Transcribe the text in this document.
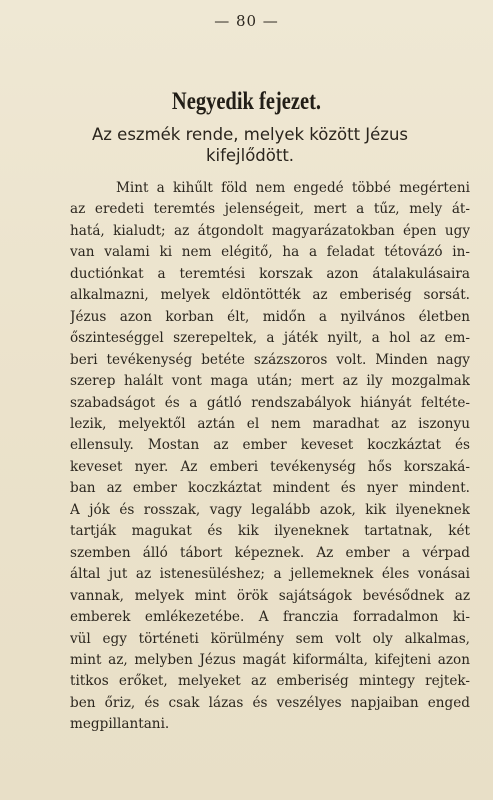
— 80 —
Negyedik fejezet.
Az eszmék rende, melyek között Jézus kifejlődött.
Mint a kihűlt föld nem engedé többé megérteni
az eredeti teremtés jelenségeit, mert a tűz, mely át-
hatá, kialudt; az átgondolt magyarázatokban épen ugy
van valami ki nem elégitő, ha a feladat tétovázó in-
ductiónkat a teremtési korszak azon átalakulásaira
alkalmazni, melyek eldöntötték az emberiség sorsát.
Jézus azon korban élt, midőn a nyilvános életben
őszinteséggel szerepeltek, a játék nyilt, a hol az em-
beri tevékenység betéte százszoros volt. Minden nagy
szerep halált vont maga után; mert az ily mozgalmak
szabadságot és a gátló rendszabályok hiányát feltéte-
lezik, melyektől aztán el nem maradhat az iszonyu
ellensuly. Mostan az ember keveset koczkáztat és
keveset nyer. Az emberi tevékenység hős korszaká-
ban az ember koczkáztat mindent és nyer mindent.
A jók és rosszak, vagy legalább azok, kik ilyeneknek
tartják magukat és kik ilyeneknek tartatnak, két
szemben álló tábort képeznek. Az ember a vérpad
által jut az istenesüléshez; a jellemeknek éles vonásai
vannak, melyek mint örök sajátságok bevésődnek az
emberek emlékezetébe. A franczia forradalmon ki-
vül egy történeti körülmény sem volt oly alkalmas,
mint az, melyben Jézus magát kiformálta, kifejteni azon
titkos erőket, melyeket az emberiség mintegy rejtek-
ben őriz, és csak lázas és veszélyes napjaiban enged
megpillantani.
